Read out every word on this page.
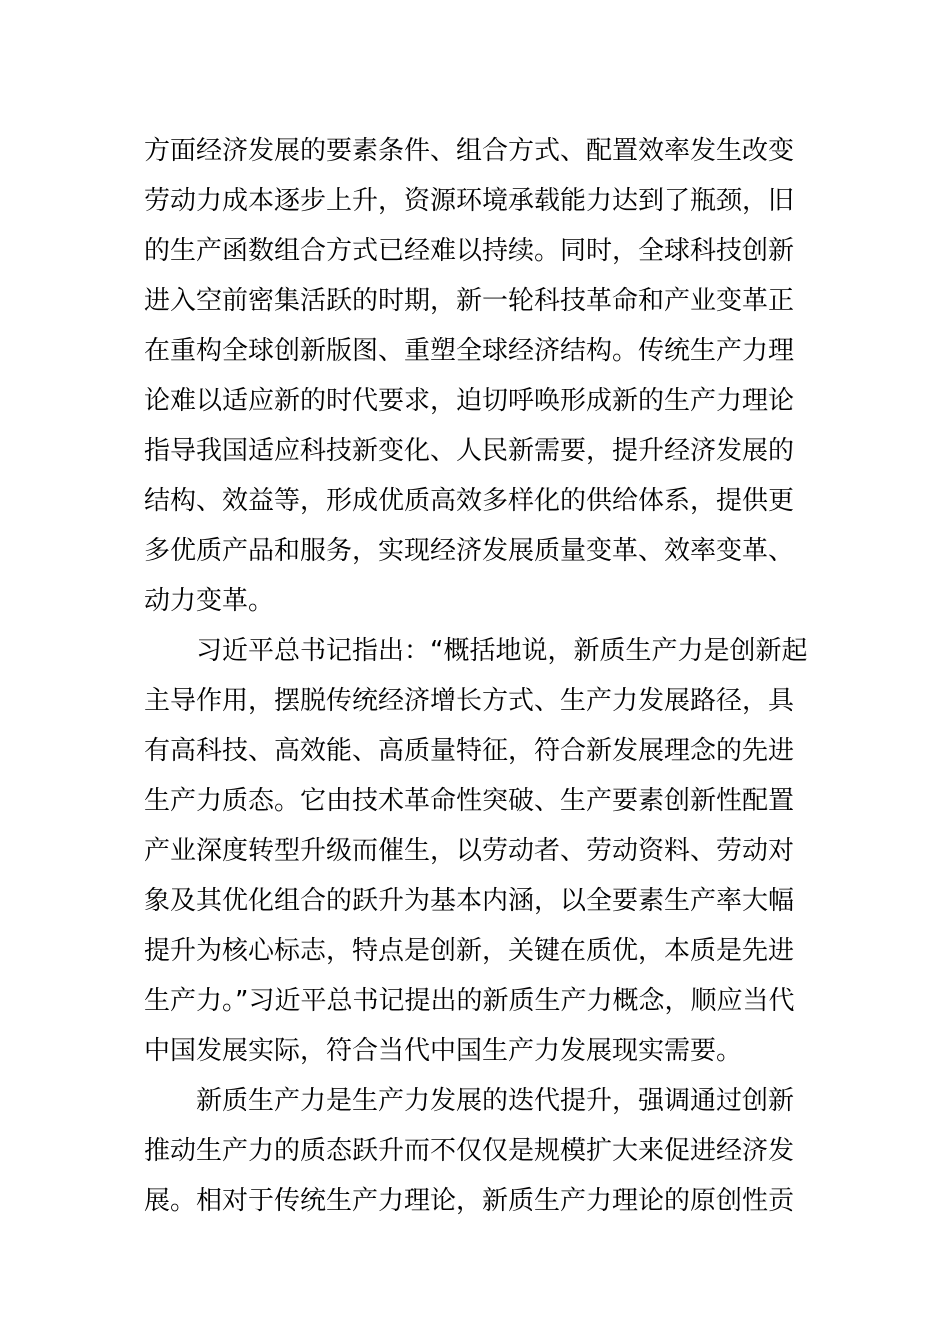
方面经济发展的要素条件、组合方式、配置效率发生改变
劳动力成本逐步上升，资源环境承载能力达到了瓶颈，旧
的生产函数组合方式已经难以持续。同时，全球科技创新
进入空前密集活跃的时期，新一轮科技革命和产业变革正
在重构全球创新版图、重塑全球经济结构。传统生产力理
论难以适应新的时代要求，迫切呼唤形成新的生产力理论
指导我国适应科技新变化、人民新需要，提升经济发展的
结构、效益等，形成优质高效多样化的供给体系，提供更
多优质产品和服务，实现经济发展质量变革、效率变革、
动力变革。
习近平总书记指出：“概括地说，新质生产力是创新起
主导作用，摆脱传统经济增长方式、生产力发展路径，具
有高科技、高效能、高质量特征，符合新发展理念的先进
生产力质态。它由技术革命性突破、生产要素创新性配置
产业深度转型升级而催生，以劳动者、劳动资料、劳动对
象及其优化组合的跃升为基本内涵，以全要素生产率大幅
提升为核心标志，特点是创新，关键在质优，本质是先进
生产力。”习近平总书记提出的新质生产力概念，顺应当代
中国发展实际，符合当代中国生产力发展现实需要。
新质生产力是生产力发展的迭代提升，强调通过创新
推动生产力的质态跃升而不仅仅是规模扩大来促进经济发
展。相对于传统生产力理论，新质生产力理论的原创性贡
